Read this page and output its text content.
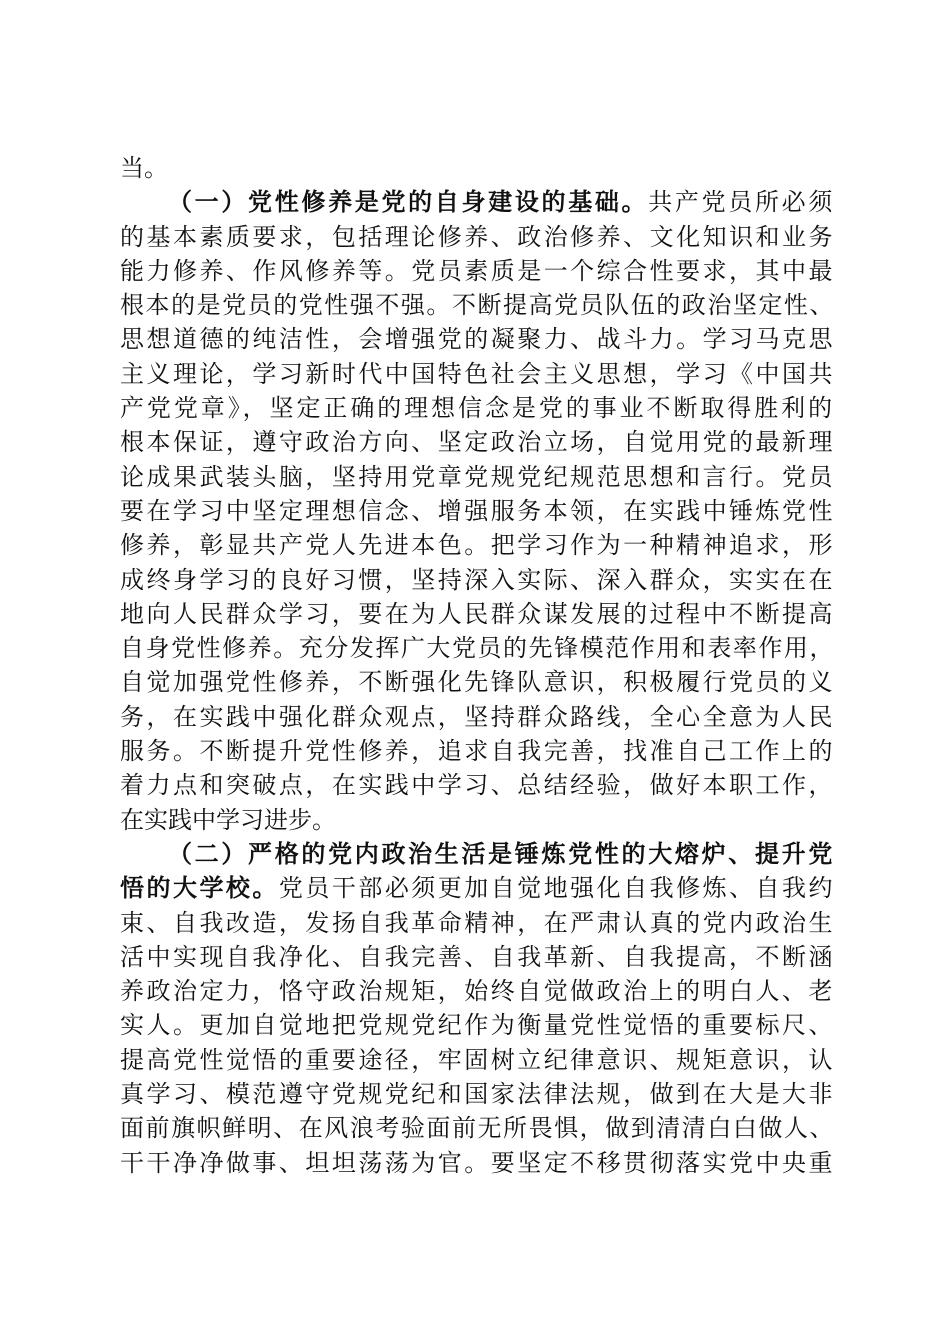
当。
（一）党性修养是党的自身建设的基础。共产党员所必须
的基本素质要求，包括理论修养、政治修养、文化知识和业务
能力修养、作风修养等。党员素质是一个综合性要求，其中最
根本的是党员的党性强不强。不断提高党员队伍的政治坚定性、
思想道德的纯洁性，会增强党的凝聚力、战斗力。学习马克思
主义理论，学习新时代中国特色社会主义思想，学习《中国共
产党党章》，坚定正确的理想信念是党的事业不断取得胜利的
根本保证，遵守政治方向、坚定政治立场，自觉用党的最新理
论成果武装头脑，坚持用党章党规党纪规范思想和言行。党员
要在学习中坚定理想信念、增强服务本领，在实践中锤炼党性
修养，彰显共产党人先进本色。把学习作为一种精神追求，形
成终身学习的良好习惯，坚持深入实际、深入群众，实实在在
地向人民群众学习，要在为人民群众谋发展的过程中不断提高
自身党性修养。充分发挥广大党员的先锋模范作用和表率作用，
自觉加强党性修养，不断强化先锋队意识，积极履行党员的义
务，在实践中强化群众观点，坚持群众路线，全心全意为人民
服务。不断提升党性修养，追求自我完善，找准自己工作上的
着力点和突破点，在实践中学习、总结经验，做好本职工作，
在实践中学习进步。
（二）严格的党内政治生活是锤炼党性的大熔炉、提升党
悟的大学校。党员干部必须更加自觉地强化自我修炼、自我约
束、自我改造，发扬自我革命精神，在严肃认真的党内政治生
活中实现自我净化、自我完善、自我革新、自我提高，不断涵
养政治定力，恪守政治规矩，始终自觉做政治上的明白人、老
实人。更加自觉地把党规党纪作为衡量党性觉悟的重要标尺、
提高党性觉悟的重要途径，牢固树立纪律意识、规矩意识，认
真学习、模范遵守党规党纪和国家法律法规，做到在大是大非
面前旗帜鲜明、在风浪考验面前无所畏惧，做到清清白白做人、
干干净净做事、坦坦荡荡为官。要坚定不移贯彻落实党中央重
